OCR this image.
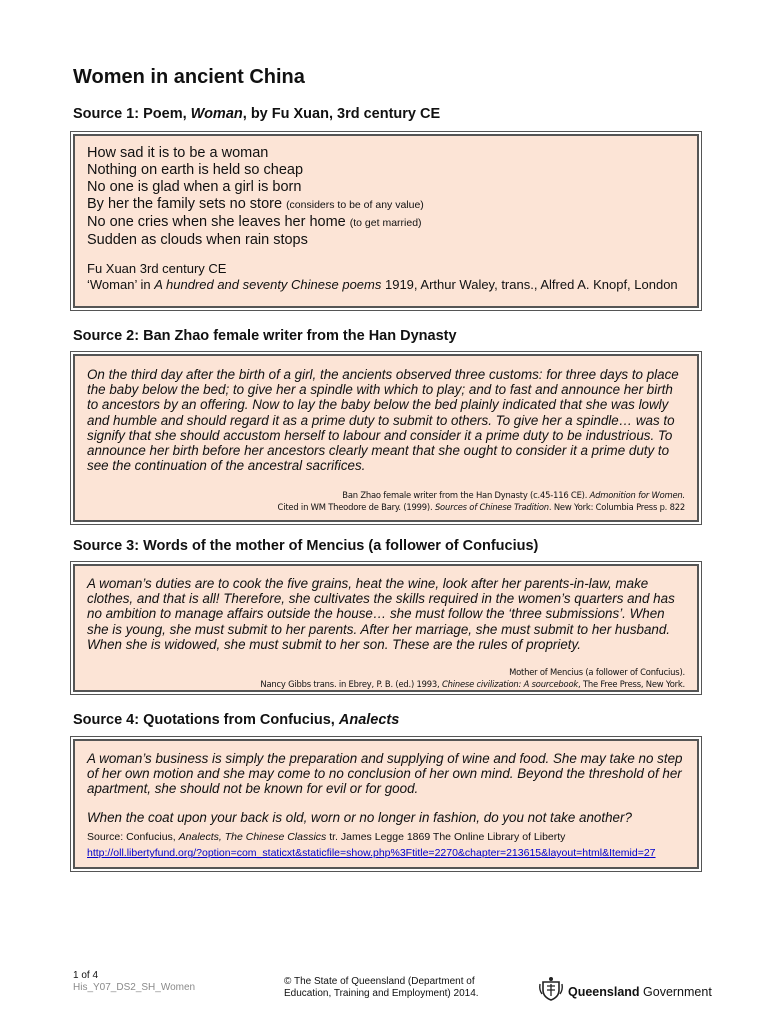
Women in ancient China
Source 1: Poem, Woman, by Fu Xuan, 3rd century CE
How sad it is to be a woman
Nothing on earth is held so cheap
No one is glad when a girl is born
By her the family sets no store (considers to be of any value)
No one cries when she leaves her home (to get married)
Sudden as clouds when rain stops
Fu Xuan 3rd century CE
‘Woman’ in A hundred and seventy Chinese poems 1919, Arthur Waley, trans., Alfred A. Knopf, London
Source 2: Ban Zhao female writer from the Han Dynasty

On the third day after the birth of a girl, the ancients observed three customs: for three days to place the baby below the bed; to give her a spindle with which to play; and to fast and announce her birth to ancestors by an offering. Now to lay the baby below the bed plainly indicated that she was lowly and humble and should regard it as a prime duty to submit to others. To give her a spindle… was to signify that she should accustom herself to labour and consider it a prime duty to be industrious. To announce her birth before her ancestors clearly meant that she ought to consider it a prime duty to see the continuation of the ancestral sacrifices.

Ban Zhao female writer from the Han Dynasty (c.45-116 CE). Admonition for Women.
Cited in WM Theodore de Bary. (1999). Sources of Chinese Tradition. New York: Columbia Press p. 822
Source 3: Words of the mother of Mencius (a follower of Confucius)

A woman’s duties are to cook the five grains, heat the wine, look after her parents-in-law, make clothes, and that is all! Therefore, she cultivates the skills required in the women’s quarters and has no ambition to manage affairs outside the house… she must follow the ‘three submissions’. When she is young, she must submit to her parents. After her marriage, she must submit to her husband. When she is widowed, she must submit to her son. These are the rules of propriety.

Mother of Mencius (a follower of Confucius).
Nancy Gibbs trans. in Ebrey, P. B. (ed.) 1993, Chinese civilization: A sourcebook, The Free Press, New York.
Source 4: Quotations from Confucius, Analects

A woman’s business is simply the preparation and supplying of wine and food. She may take no step of her own motion and she may come to no conclusion of her own mind. Beyond the threshold of her apartment, she should not be known for evil or for good.

When the coat upon your back is old, worn or no longer in fashion, do you not take another?

Source: Confucius, Analects, The Chinese Classics tr. James Legge 1869 The Online Library of Liberty
http://oll.libertyfund.org/?option=com_staticxt&staticfile=show.php%3Ftitle=2270&chapter=213615&layout=html&Itemid=27
1 of 4
His_Y07_DS2_SH_Women
© The State of Queensland (Department of Education, Training and Employment) 2014.	Queensland Government
